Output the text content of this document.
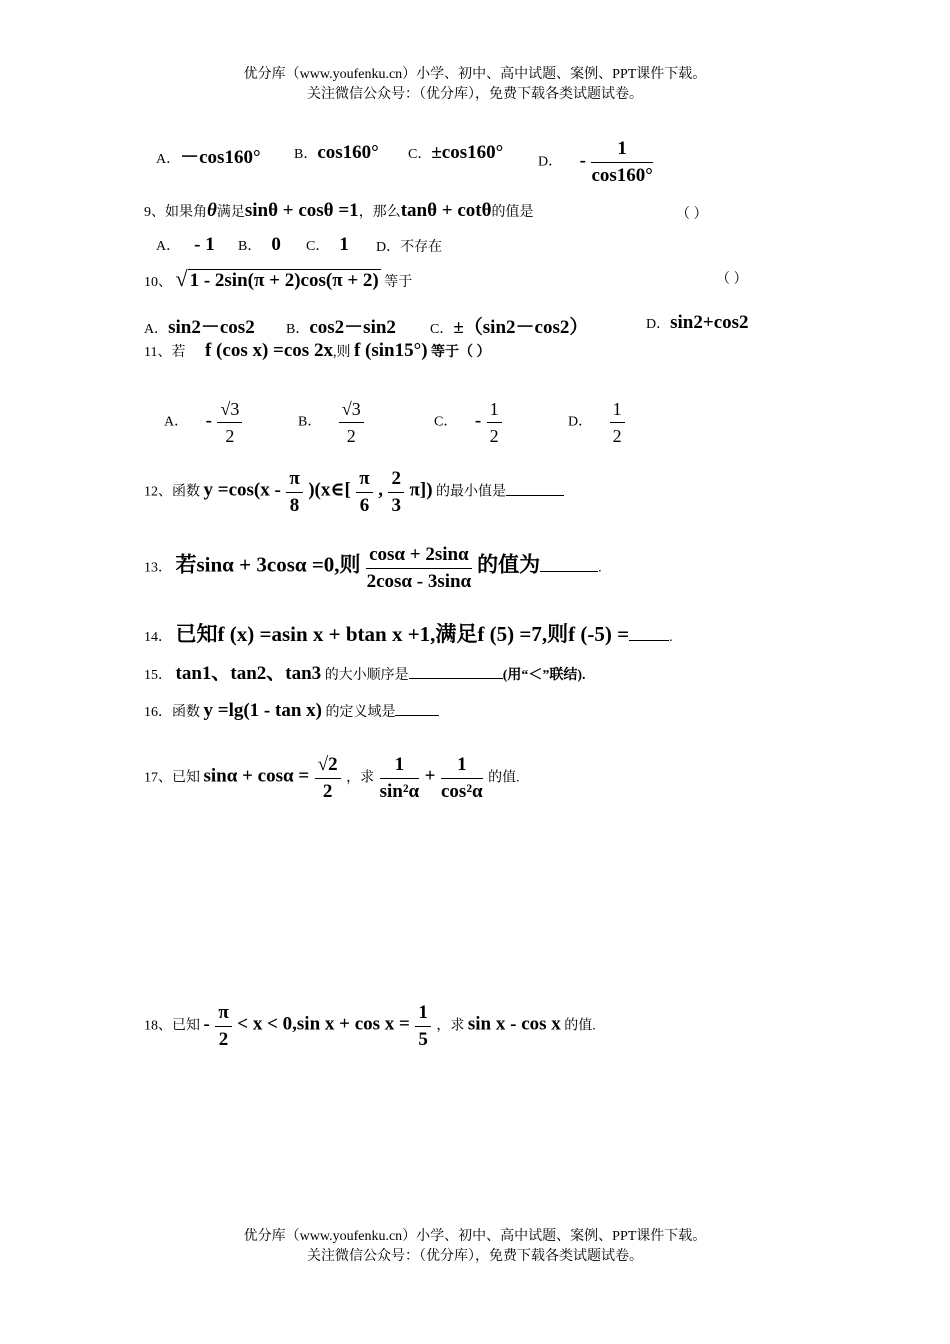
优分库（www.youfenku.cn）小学、初中、高中试题、案例、PPT课件下载。
关注微信公众号：（优分库），免费下载各类试题试卷。
A．－cos160° B．cos160° C．±cos160° D． - $\frac{1}{\cos 160^\circ}$
9、如果角θ满足sinθ + cosθ =1，那么tanθ + cotθ的值是	（ ）
A． - 1 B． 0 C． 1 D．不存在
10、 √ 1 - 2sin(π + 2)cos(π + 2) 等于	（ ）
A．sin2－cos2 B．cos2－sin2 C．±（sin2－cos2）	D．sin2+cos2
11、若 f (cos x) =cos 2x,则 f (sin15°) 等于（ ）
A． - $\frac{√3}{2}$	B． $\frac{√3}{2}$	C． - $\frac{1}{2}$	D． $\frac{1}{2}$
12、函数 $y =\cos(x - \frac{\pi}{8}$ )(x∈[ $\frac{\pi}{6}$ , $\frac{2}{3} \pi$]) 的最小值是
13． 若sinα + 3cosα =0,则 $\frac{\cos\alpha + 2\sin\alpha}{2\cos\alpha - 3\sin\alpha}$ 的值为	.
14． 已知f (x) =asin x + btan x +1,满足f (5) =7,则f (-5) =	.
15． tan1、tan2、tan3 的大小顺序是	(用“＜”联结).
16．函数 y =lg(1 - tan x) 的定义域是
17、已知 $\sin\alpha + \cos\alpha = \frac{√2}{2}$ ，求 $\frac{1}{\text{sin²α}} + \frac{1}{\text{cos²α}}$ 的值.
18、已知 - $\frac{\pi}{2} < x < 0,\sin$ $x + \cos x = \frac{1}{5}$ ，求 sin x - cos x 的值.
优分库（www.youfenku.cn）小学、初中、高中试题、案例、PPT课件下载。
关注微信公众号：（优分库），免费下载各类试题试卷。
